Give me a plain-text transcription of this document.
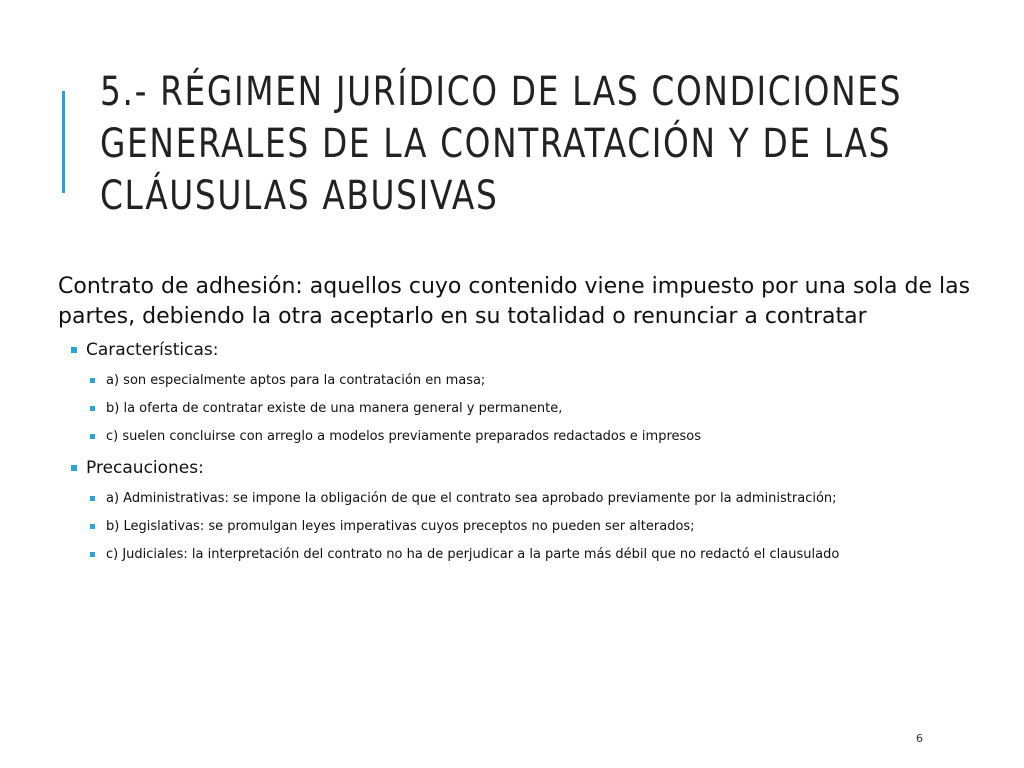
5.- RÉGIMEN JURÍDICO DE LAS CONDICIONES
GENERALES DE LA CONTRATACIÓN Y DE LAS
CLÁUSULAS ABUSIVAS

Contrato de adhesión: aquellos cuyo contenido viene impuesto por una sola de las partes, debiendo la otra aceptarlo en su totalidad o renunciar a contratar

Características:
a) son especialmente aptos para la contratación en masa;
b) la oferta de contratar existe de una manera general y permanente,
c) suelen concluirse con arreglo a modelos previamente preparados redactados e impresos
Precauciones:
a) Administrativas: se impone la obligación de que el contrato sea aprobado previamente por la administración;
b) Legislativas: se promulgan leyes imperativas cuyos preceptos no pueden ser alterados;
c) Judiciales: la interpretación del contrato no ha de perjudicar a la parte más débil que no redactó el clausulado
6
